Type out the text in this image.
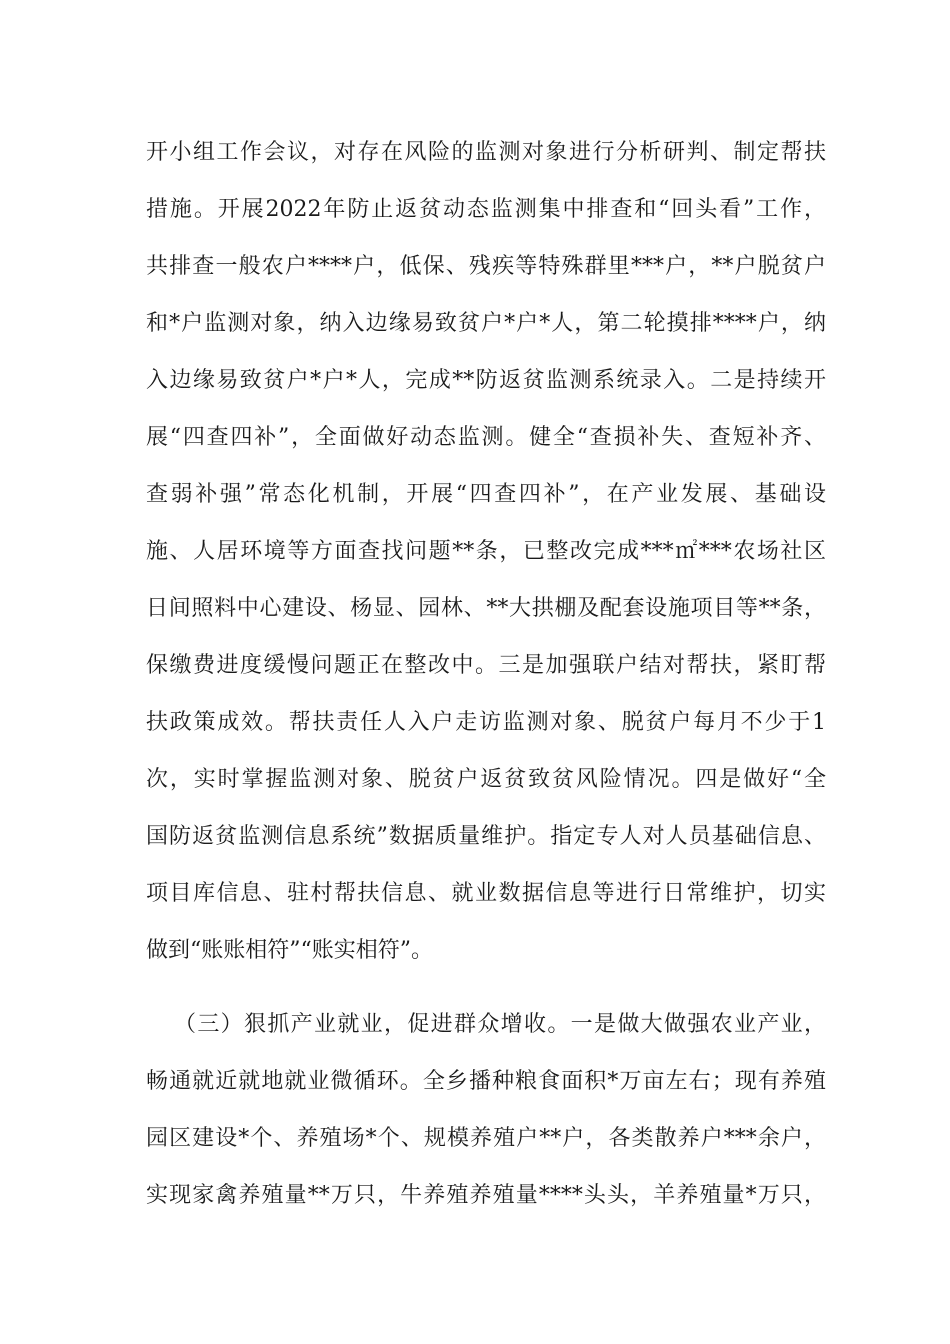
开小组工作会议，对存在风险的监测对象进行分析研判、制定帮扶
措施。开展2022年防止返贫动态监测集中排查和“回头看”工作，
共排查一般农户****户，低保、残疾等特殊群里***户，**户脱贫户
和*户监测对象，纳入边缘易致贫户*户*人，第二轮摸排****户，纳
入边缘易致贫户*户*人，完成**防返贫监测系统录入。二是持续开
展“四查四补”，全面做好动态监测。健全“查损补失、查短补齐、
查弱补强”常态化机制，开展“四查四补”，在产业发展、基础设
施、人居环境等方面查找问题**条，已整改完成***㎡***农场社区
日间照料中心建设、杨显、园林、**大拱棚及配套设施项目等**条，
保缴费进度缓慢问题正在整改中。三是加强联户结对帮扶，紧盯帮
扶政策成效。帮扶责任人入户走访监测对象、脱贫户每月不少于1
次，实时掌握监测对象、脱贫户返贫致贫风险情况。四是做好“全
国防返贫监测信息系统”数据质量维护。指定专人对人员基础信息、
项目库信息、驻村帮扶信息、就业数据信息等进行日常维护，切实
做到“账账相符”“账实相符”。
（三）狠抓产业就业，促进群众增收。一是做大做强农业产业，
畅通就近就地就业微循环。全乡播种粮食面积*万亩左右；现有养殖
园区建设*个、养殖场*个、规模养殖户**户，各类散养户***余户，
实现家禽养殖量**万只，牛养殖养殖量****头头，羊养殖量*万只，
